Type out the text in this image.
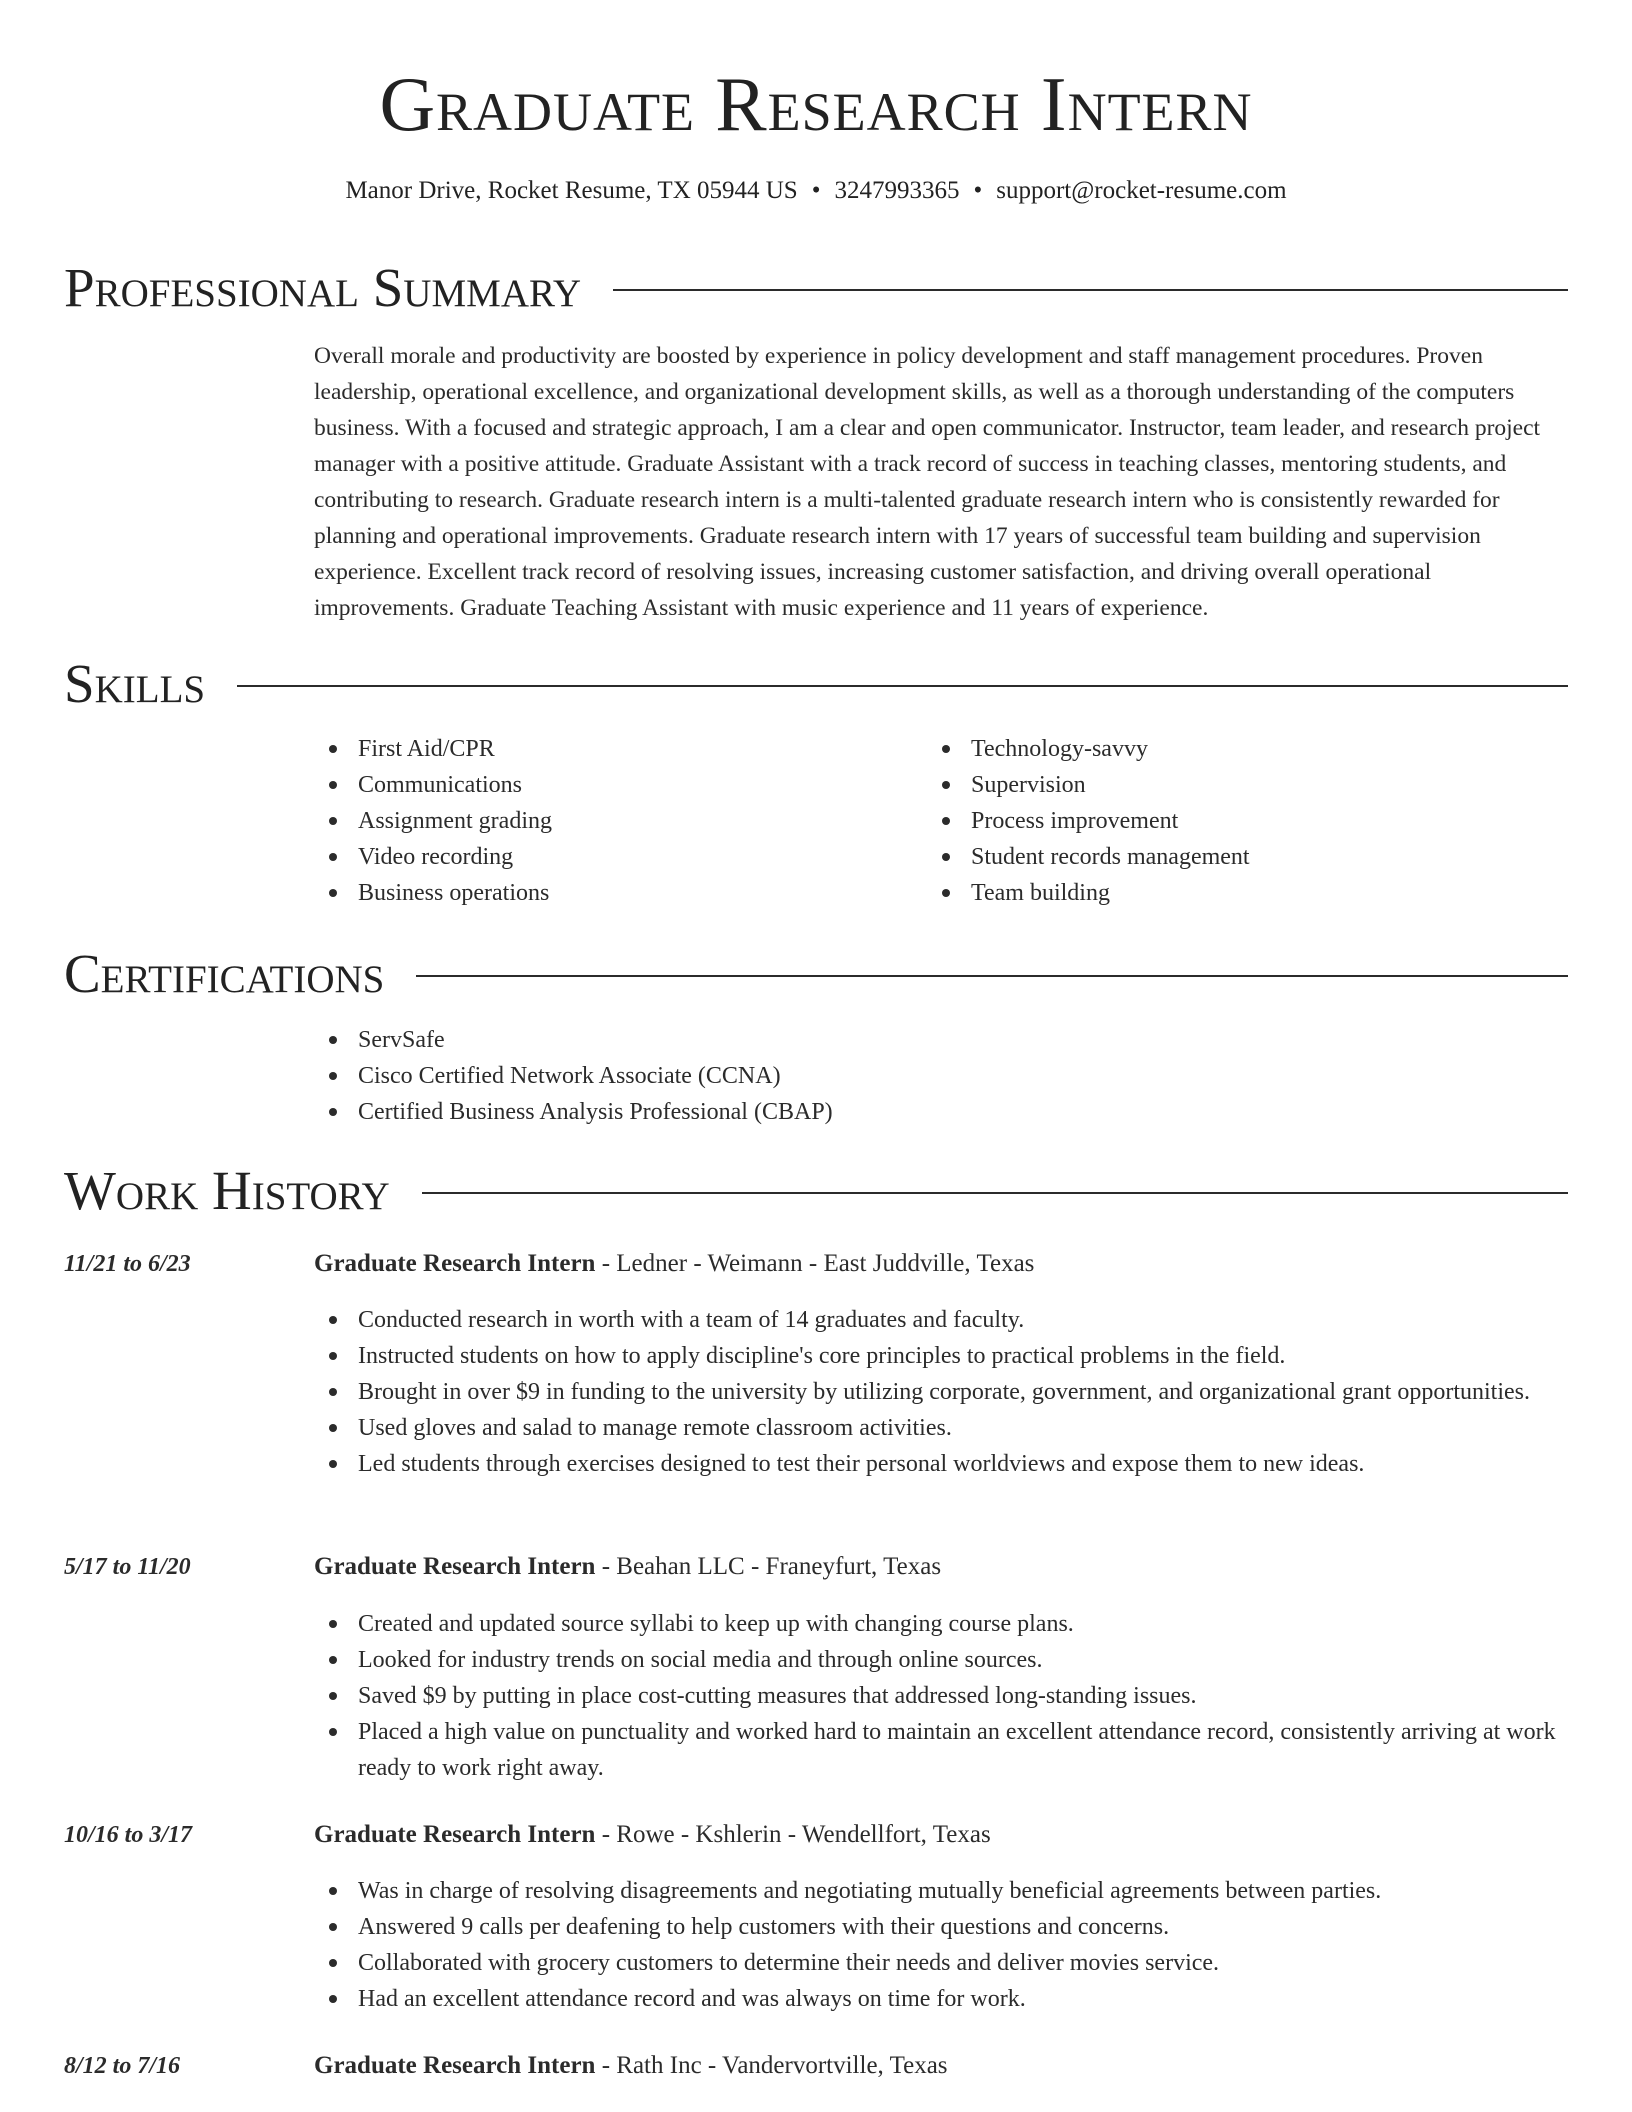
Graduate Research Intern
Manor Drive, Rocket Resume, TX 05944 US • 3247993365 • support@rocket-resume.com
Professional Summary

Overall morale and productivity are boosted by experience in policy development and staff management procedures. Proven leadership, operational excellence, and organizational development skills, as well as a thorough understanding of the computers business. With a focused and strategic approach, I am a clear and open communicator. Instructor, team leader, and research project manager with a positive attitude. Graduate Assistant with a track record of success in teaching classes, mentoring students, and contributing to research. Graduate research intern is a multi-talented graduate research intern who is consistently rewarded for planning and operational improvements. Graduate research intern with 17 years of successful team building and supervision experience. Excellent track record of resolving issues, increasing customer satisfaction, and driving overall operational improvements. Graduate Teaching Assistant with music experience and 11 years of experience.

Skills
First Aid/CPR
Communications
Assignment grading
Video recording
Business operations
Technology-savvy
Supervision
Process improvement
Student records management
Team building
Certifications
ServSafe
Cisco Certified Network Associate (CCNA)
Certified Business Analysis Professional (CBAP)
Work History
11/21 to 6/23	Graduate Research Intern - Ledner - Weimann - East Juddville, Texas
Conducted research in worth with a team of 14 graduates and faculty.
Instructed students on how to apply discipline's core principles to practical problems in the field.
Brought in over $9 in funding to the university by utilizing corporate, government, and organizational grant opportunities.
Used gloves and salad to manage remote classroom activities.
Led students through exercises designed to test their personal worldviews and expose them to new ideas.
5/17 to 11/20	Graduate Research Intern - Beahan LLC - Franeyfurt, Texas
Created and updated source syllabi to keep up with changing course plans.
Looked for industry trends on social media and through online sources.
Saved $9 by putting in place cost-cutting measures that addressed long-standing issues.
Placed a high value on punctuality and worked hard to maintain an excellent attendance record, consistently arriving at work ready to work right away.
10/16 to 3/17	Graduate Research Intern - Rowe - Kshlerin - Wendellfort, Texas
Was in charge of resolving disagreements and negotiating mutually beneficial agreements between parties.
Answered 9 calls per deafening to help customers with their questions and concerns.
Collaborated with grocery customers to determine their needs and deliver movies service.
Had an excellent attendance record and was always on time for work.
8/12 to 7/16	Graduate Research Intern - Rath Inc - Vandervortville, Texas
